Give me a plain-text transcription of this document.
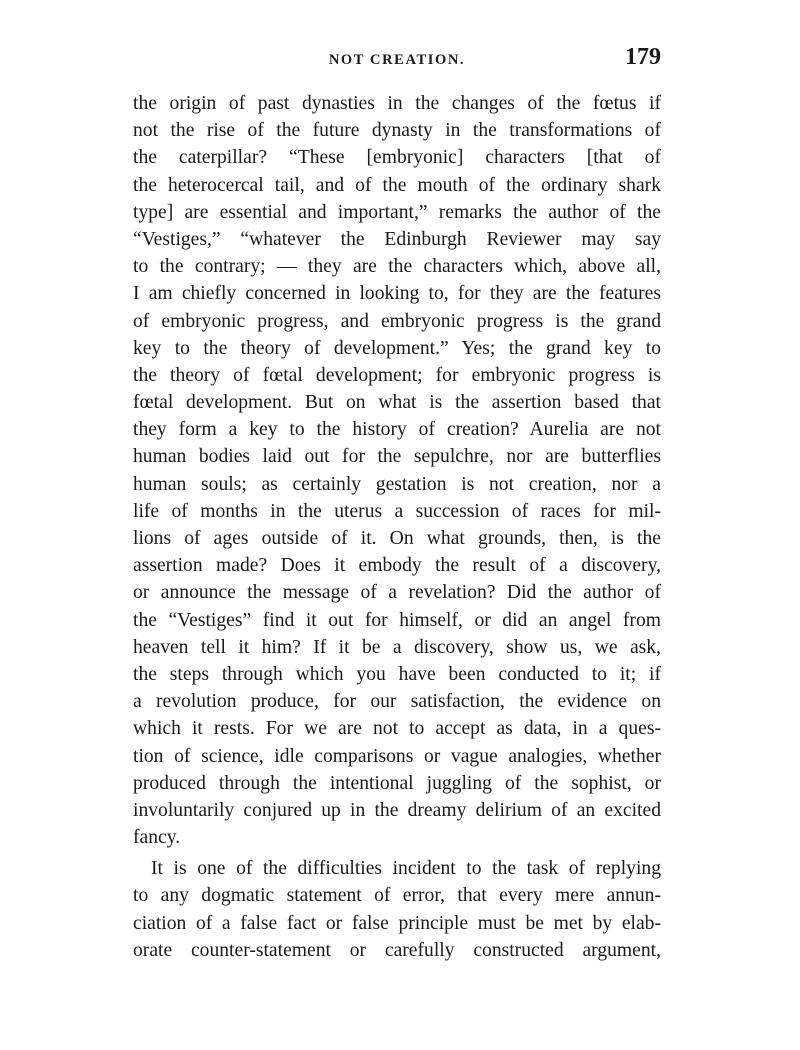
NOT CREATION.	179
the origin of past dynasties in the changes of the fœtus if
not the rise of the future dynasty in the transformations of
the caterpillar? “These [embryonic] characters [that of
the heterocercal tail, and of the mouth of the ordinary shark
type] are essential and important,” remarks the author of the
“Vestiges,” “whatever the Edinburgh Reviewer may say
to the contrary; — they are the characters which, above all,
I am chiefly concerned in looking to, for they are the features
of embryonic progress, and embryonic progress is the grand
key to the theory of development.” Yes; the grand key to
the theory of fœtal development; for embryonic progress is
fœtal development. But on what is the assertion based that
they form a key to the history of creation? Aurelia are not
human bodies laid out for the sepulchre, nor are butterflies
human souls; as certainly gestation is not creation, nor a
life of months in the uterus a succession of races for mil-
lions of ages outside of it. On what grounds, then, is the
assertion made? Does it embody the result of a discovery,
or announce the message of a revelation? Did the author of
the “Vestiges” find it out for himself, or did an angel from
heaven tell it him? If it be a discovery, show us, we ask,
the steps through which you have been conducted to it; if
a revolution produce, for our satisfaction, the evidence on
which it rests. For we are not to accept as data, in a ques-
tion of science, idle comparisons or vague analogies, whether
produced through the intentional juggling of the sophist, or
involuntarily conjured up in the dreamy delirium of an excited
fancy.
It is one of the difficulties incident to the task of replying
to any dogmatic statement of error, that every mere annun-
ciation of a false fact or false principle must be met by elab-
orate counter-statement or carefully constructed argument,
